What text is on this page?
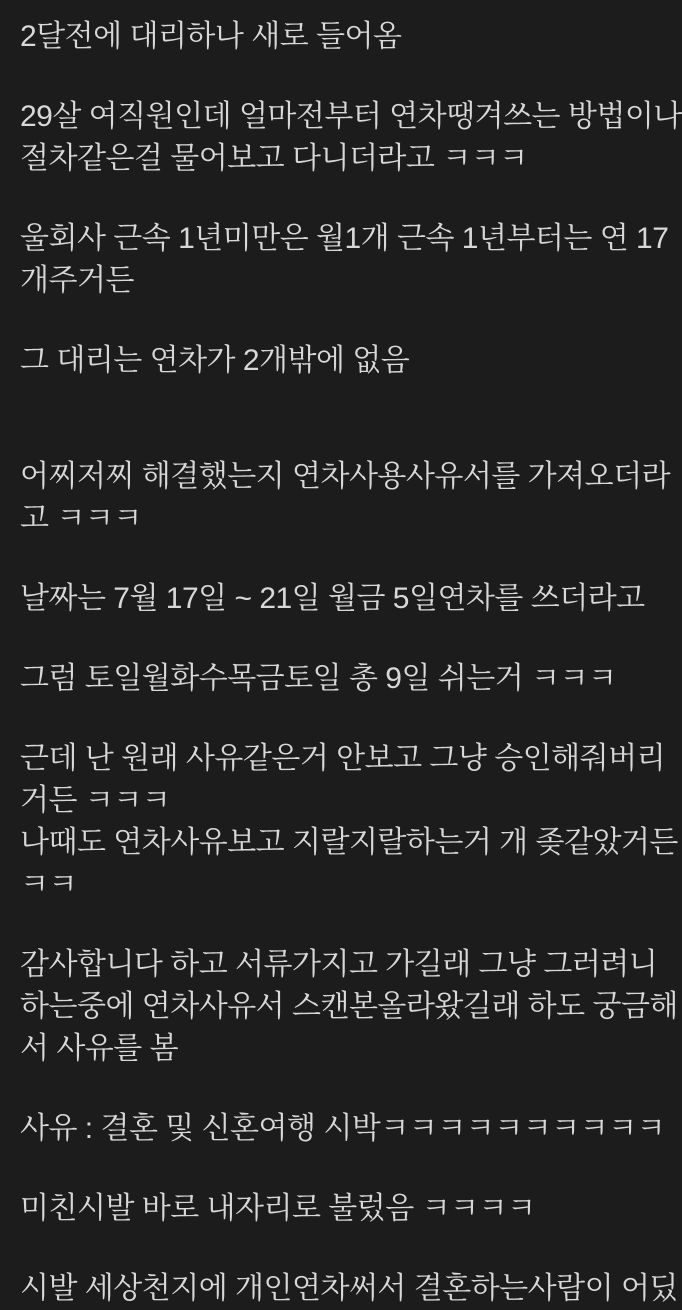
2달전에 대리하나 새로 들어옴
29살 여직원인데 얼마전부터 연차땡겨쓰는 방법이나
절차같은걸 물어보고 다니더라고 ㅋㅋㅋ
울회사 근속 1년미만은 월1개 근속 1년부터는 연 17
개주거든
그 대리는 연차가 2개밖에 없음
어찌저찌 해결했는지 연차사용사유서를 가져오더라
고 ㅋㅋㅋ
날짜는 7월 17일 ~ 21일 월금 5일연차를 쓰더라고
그럼 토일월화수목금토일 총 9일 쉬는거 ㅋㅋㅋ
근데 난 원래 사유같은거 안보고 그냥 승인해줘버리
거든 ㅋㅋㅋ
나때도 연차사유보고 지랄지랄하는거 개 좆같았거든
ㅋㅋ
감사합니다 하고 서류가지고 가길래 그냥 그러려니
하는중에 연차사유서 스캔본올라왔길래 하도 궁금해
서 사유를 봄
사유 : 결혼 및 신혼여행 시박ㅋㅋㅋㅋㅋㅋㅋㅋㅋㅋ
미친시발 바로 내자리로 불렀음 ㅋㅋㅋㅋ
시발 세상천지에 개인연차써서 결혼하는사람이 어딨
